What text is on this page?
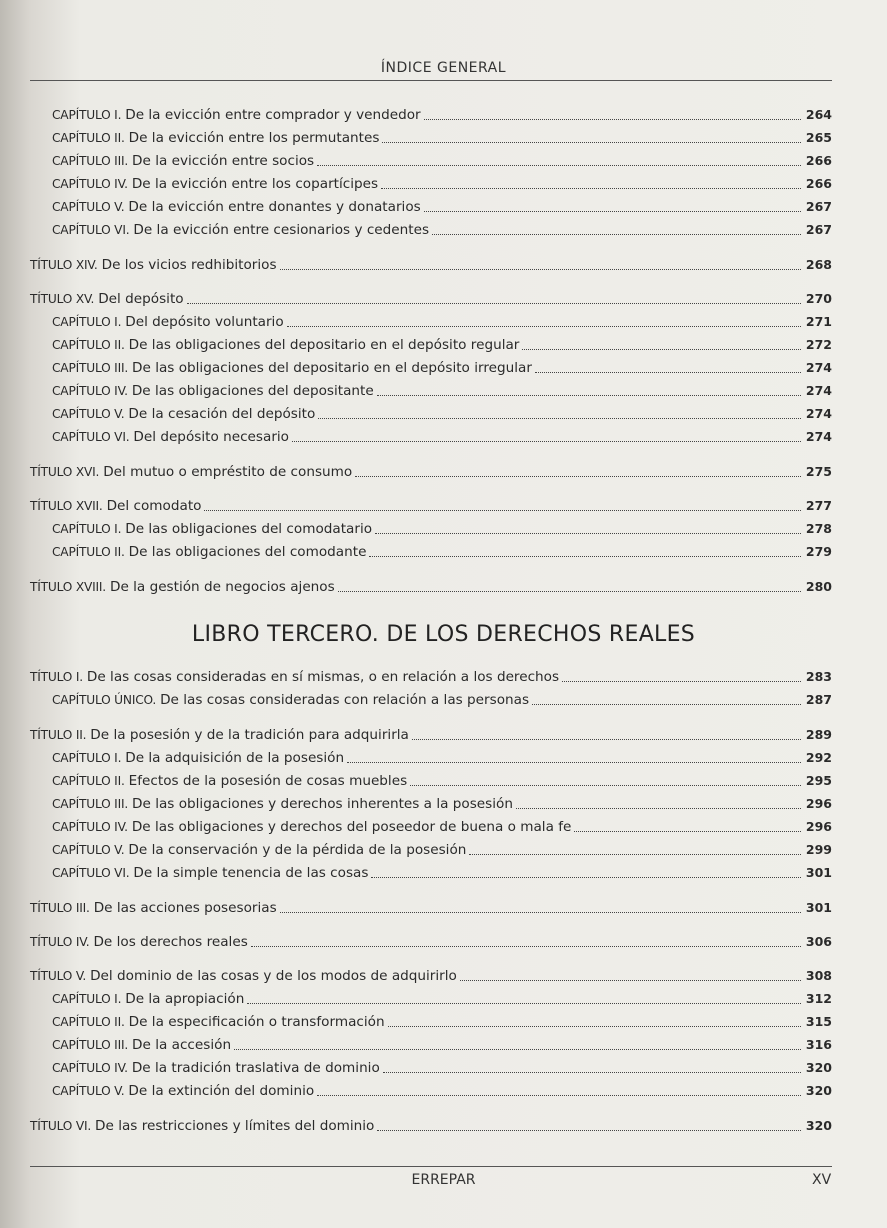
ÍNDICE GENERAL
CAPÍTULO I. De la evicción entre comprador y vendedor	264
CAPÍTULO II. De la evicción entre los permutantes	265
CAPÍTULO III. De la evicción entre socios	266
CAPÍTULO IV. De la evicción entre los copartícipes	266
CAPÍTULO V. De la evicción entre donantes y donatarios	267
CAPÍTULO VI. De la evicción entre cesionarios y cedentes	267
TÍTULO XIV. De los vicios redhibitorios	268
TÍTULO XV. Del depósito	270
CAPÍTULO I. Del depósito voluntario	271
CAPÍTULO II. De las obligaciones del depositario en el depósito regular	272
CAPÍTULO III. De las obligaciones del depositario en el depósito irregular	274
CAPÍTULO IV. De las obligaciones del depositante	274
CAPÍTULO V. De la cesación del depósito	274
CAPÍTULO VI. Del depósito necesario	274
TÍTULO XVI. Del mutuo o empréstito de consumo	275
TÍTULO XVII. Del comodato	277
CAPÍTULO I. De las obligaciones del comodatario	278
CAPÍTULO II. De las obligaciones del comodante	279
TÍTULO XVIII. De la gestión de negocios ajenos	280
TÍTULO I. De las cosas consideradas en sí mismas, o en relación a los derechos	283
CAPÍTULO ÚNICO. De las cosas consideradas con relación a las personas	287
TÍTULO II. De la posesión y de la tradición para adquirirla	289
CAPÍTULO I. De la adquisición de la posesión	292
CAPÍTULO II. Efectos de la posesión de cosas muebles	295
CAPÍTULO III. De las obligaciones y derechos inherentes a la posesión	296
CAPÍTULO IV. De las obligaciones y derechos del poseedor de buena o mala fe	296
CAPÍTULO V. De la conservación y de la pérdida de la posesión	299
CAPÍTULO VI. De la simple tenencia de las cosas	301
TÍTULO III. De las acciones posesorias	301
TÍTULO IV. De los derechos reales	306
TÍTULO V. Del dominio de las cosas y de los modos de adquirirlo	308
CAPÍTULO I. De la apropiación	312
CAPÍTULO II. De la especificación o transformación	315
CAPÍTULO III. De la accesión	316
CAPÍTULO IV. De la tradición traslativa de dominio	320
CAPÍTULO V. De la extinción del dominio	320
TÍTULO VI. De las restricciones y límites del dominio	320
LIBRO TERCERO. DE LOS DERECHOS REALES
ERREPAR	XV
